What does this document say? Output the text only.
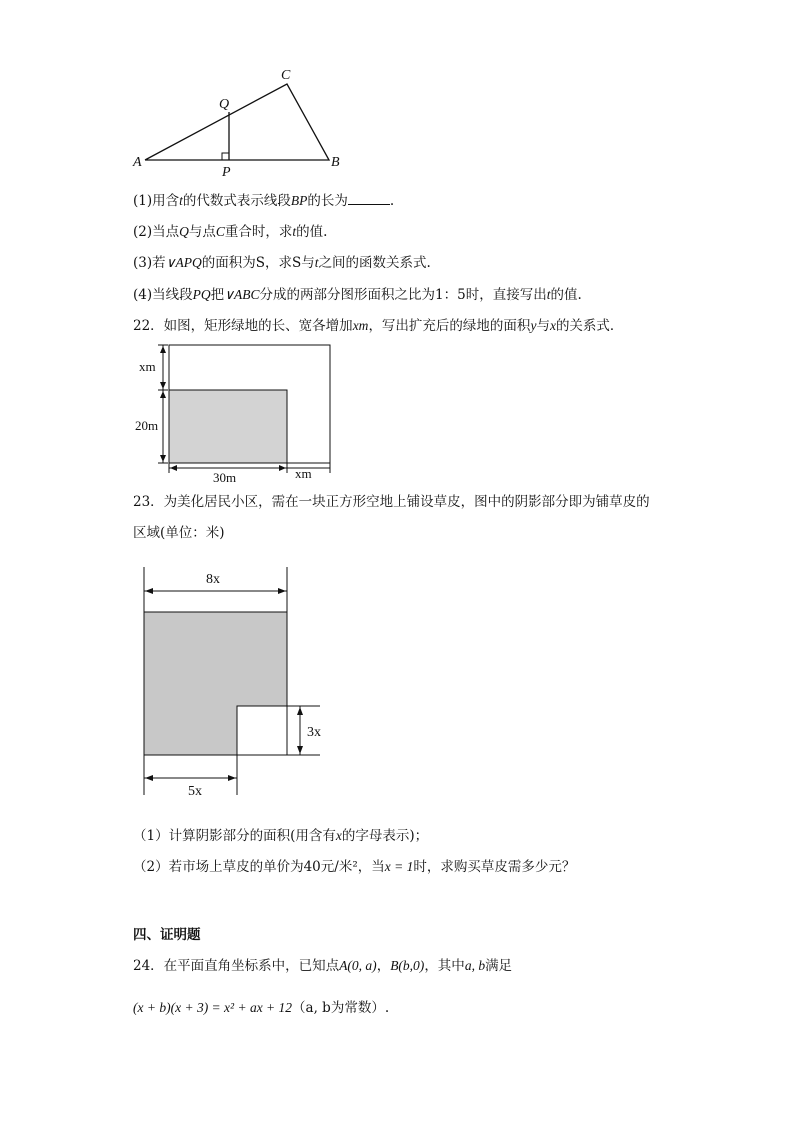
A	B
C
P
Q
(1)用含t的代数式表示线段BP的长为	.
(2)当点Q与点C重合时，求t的值.
(3)若∨APQ的面积为S，求S与t之间的函数关系式.
(4)当线段PQ把∨ABC分成的两部分图形面积之比为1：5时，直接写出t的值.
22．如图，矩形绿地的长、宽各增加xm，写出扩充后的绿地的面积y与x的关系式．
xm
20m
30m	xm
23．为美化居民小区，需在一块正方形空地上铺设草皮，图中的阴影部分即为铺草皮的
区域(单位：米)
8x
3x
5x
（1）计算阴影部分的面积(用含有x的字母表示)；
（2）若市场上草皮的单价为40元/米²，当x = 1时，求购买草皮需多少元？
四、证明题
24．在平面直角坐标系中，已知点A(0, a)，B(b,0)，其中a, b满足
(x + b)(x + 3) = x² + ax + 12（a, b为常数）.
